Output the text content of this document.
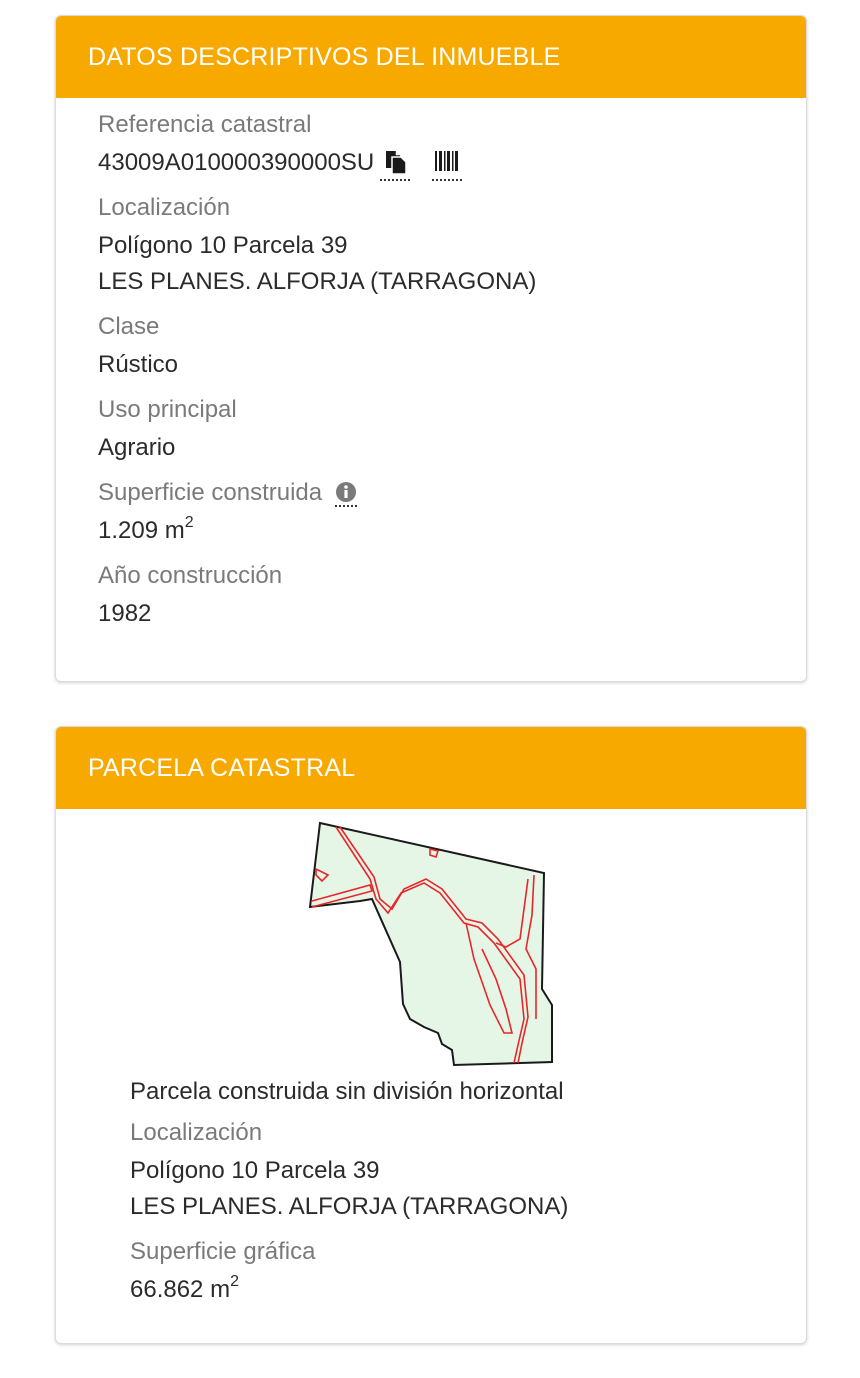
DATOS DESCRIPTIVOS DEL INMUEBLE
Referencia catastral
43009A010000390000SU
Localización
Polígono 10 Parcela 39
LES PLANES. ALFORJA (TARRAGONA)
Clase
Rústico
Uso principal
Agrario
Superficie construida
1.209 $m^2$
Año construcción
1982
PARCELA CATASTRAL
Parcela construida sin división horizontal
Localización
Polígono 10 Parcela 39
LES PLANES. ALFORJA (TARRAGONA)
Superficie gráfica
66.862 $m^2$
